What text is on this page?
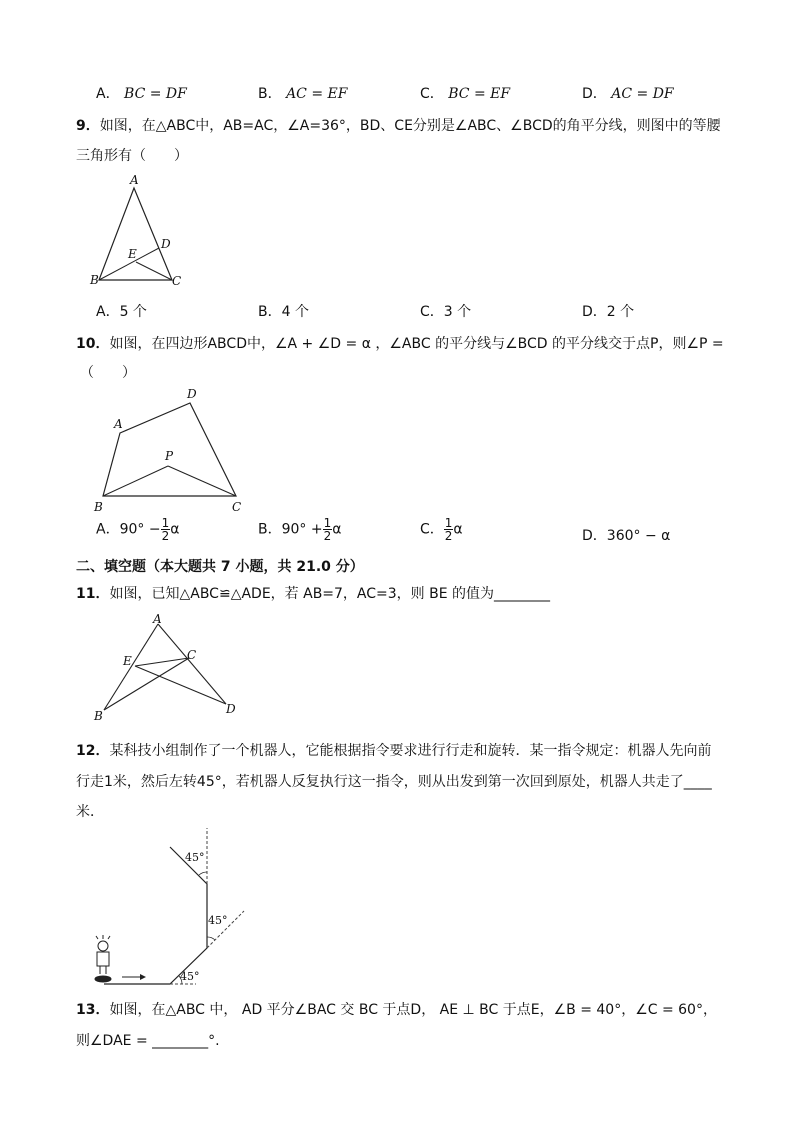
A． BC = DF	B． AC = EF	C． BC = EF	D． AC = DF
9．如图，在△ABC中，AB=AC，∠A=36°，BD、CE分别是∠ABC、∠BCD的角平分线，则图中的等腰
三角形有（　　）
A
B	C
D
E
A．5 个	B．4 个	C．3 个	D．2 个
10．如图，在四边形ABCD中，∠A + ∠D = α ，∠ABC 的平分线与∠BCD 的平分线交于点P，则∠P =
（　　）
A
B	C
D
P
A．$90^\circ - \frac{1}{2}$ α	B．$90^\circ + \frac{1}{2}$ α	C． $\frac{1}{2}$ α	D．360° − α
二、填空题（本大题共 7 小题，共 21.0 分）
11．如图，已知△ABC≌△ADE，若 AB=7，AC=3，则 BE 的值为________
A
B
C
D
E
12．某科技小组制作了一个机器人，它能根据指令要求进行行走和旋转．某一指令规定：机器人先向前
行走1米，然后左转45°，若机器人反复执行这一指令，则从出发到第一次回到原处，机器人共走了____
米．
45°
45°
45°
13．如图，在△ABC 中， AD 平分∠BAC 交 BC 于点D， AE ⊥ BC 于点E，∠B = 40°，∠C = 60°，
则∠DAE = ________°.
